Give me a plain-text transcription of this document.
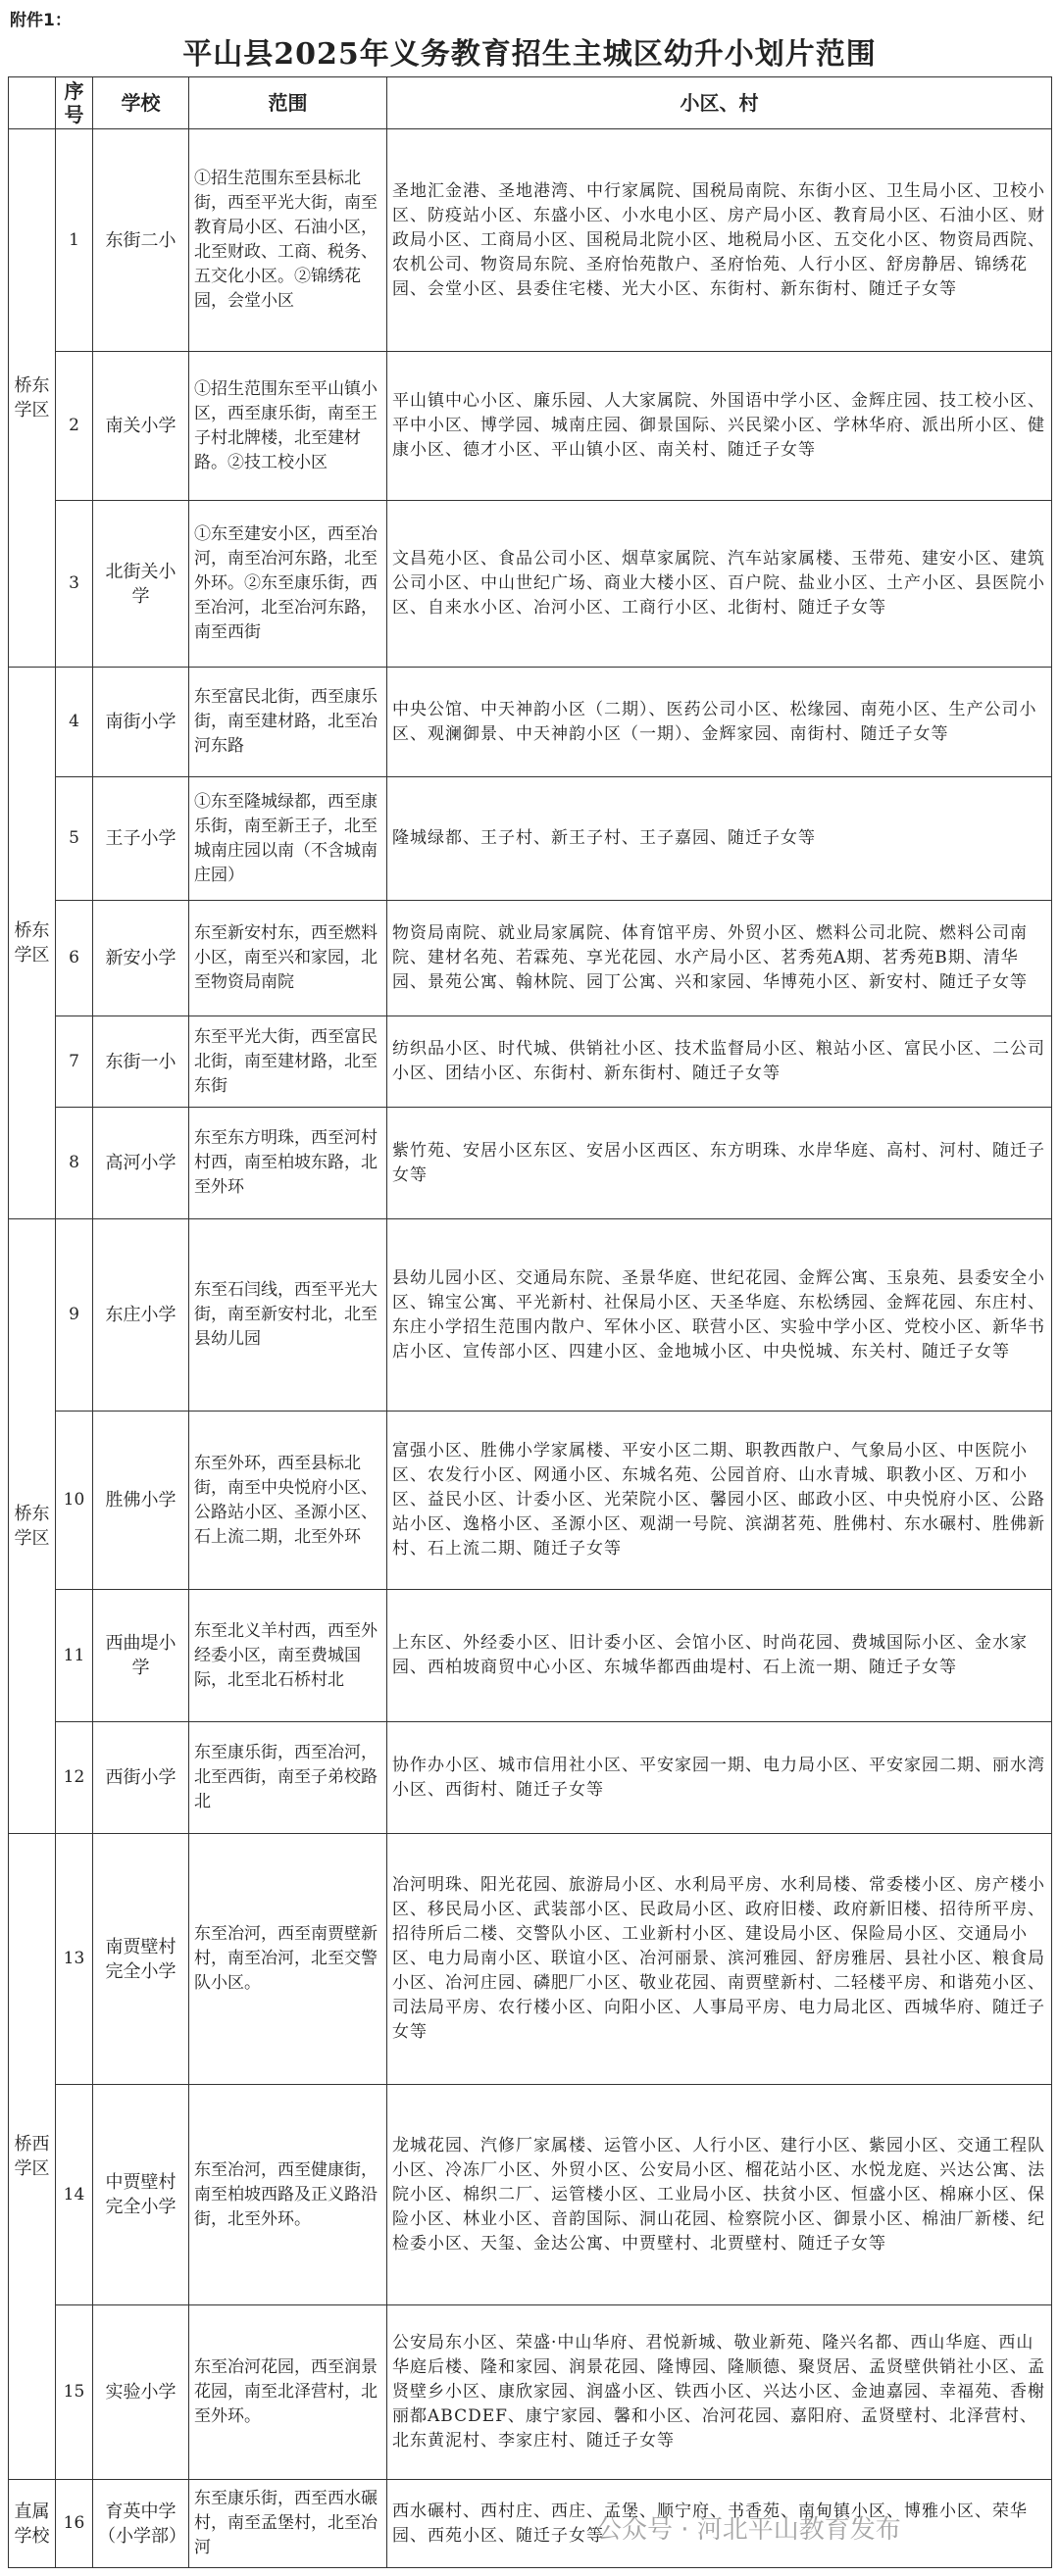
附件1：
平山县2025年义务教育招生主城区幼升小划片范围
	序号	学校	范围	小区、村
桥东学区	1	东街二小	①招生范围东至县标北街，西至平光大街，南至教育局小区、石油小区，北至财政、工商、税务、五交化小区。②锦绣花园，会堂小区	圣地汇金港、圣地港湾、中行家属院、国税局南院、东街小区、卫生局小区、卫校小区、防疫站小区、东盛小区、小水电小区、房产局小区、教育局小区、石油小区、财政局小区、工商局小区、国税局北院小区、地税局小区、五交化小区、物资局西院、农机公司、物资局东院、圣府怡苑散户、圣府怡苑、人行小区、舒房静居、锦绣花园、会堂小区、县委住宅楼、光大小区、东街村、新东街村、随迁子女等
	2	南关小学	①招生范围东至平山镇小区，西至康乐街，南至王子村北牌楼，北至建材路。②技工校小区	平山镇中心小区、廉乐园、人大家属院、外国语中学小区、金辉庄园、技工校小区、平中小区、博学园、城南庄园、御景国际、兴民梁小区、学林华府、派出所小区、健康小区、德才小区、平山镇小区、南关村、随迁子女等
	3	北街关小学	①东至建安小区，西至冶河，南至冶河东路，北至外环。②东至康乐街，西至冶河，北至冶河东路，南至西街	文昌苑小区、食品公司小区、烟草家属院、汽车站家属楼、玉带苑、建安小区、建筑公司小区、中山世纪广场、商业大楼小区、百户院、盐业小区、土产小区、县医院小区、自来水小区、冶河小区、工商行小区、北街村、随迁子女等
桥东学区	4	南街小学	东至富民北街，西至康乐街，南至建材路，北至冶河东路	中央公馆、中天神韵小区（二期）、医药公司小区、松缘园、南苑小区、生产公司小区、观澜御景、中天神韵小区（一期）、金辉家园、南街村、随迁子女等
	5	王子小学	①东至隆城绿都，西至康乐街，南至新王子，北至城南庄园以南（不含城南庄园）	隆城绿都、王子村、新王子村、王子嘉园、随迁子女等
	6	新安小学	东至新安村东，西至燃料小区，南至兴和家园，北至物资局南院	物资局南院、就业局家属院、体育馆平房、外贸小区、燃料公司北院、燃料公司南院、建材名苑、若霖苑、享光花园、水产局小区、茗秀苑A期、茗秀苑B期、清华园、景苑公寓、翰林院、园丁公寓、兴和家园、华博苑小区、新安村、随迁子女等
	7	东街一小	东至平光大街，西至富民北街，南至建材路，北至东街	纺织品小区、时代城、供销社小区、技术监督局小区、粮站小区、富民小区、二公司小区、团结小区、东街村、新东街村、随迁子女等
	8	高河小学	东至东方明珠，西至河村村西，南至柏坡东路，北至外环	紫竹苑、安居小区东区、安居小区西区、东方明珠、水岸华庭、高村、河村、随迁子女等
桥东学区	9	东庄小学	东至石闫线，西至平光大街，南至新安村北，北至县幼儿园	县幼儿园小区、交通局东院、圣景华庭、世纪花园、金辉公寓、玉泉苑、县委安全小区、锦宝公寓、平光新村、社保局小区、天圣华庭、东松绣园、金辉花园、东庄村、东庄小学招生范围内散户、军休小区、联营小区、实验中学小区、党校小区、新华书店小区、宣传部小区、四建小区、金地城小区、中央悦城、东关村、随迁子女等
	10	胜佛小学	东至外环，西至县标北街，南至中央悦府小区、公路站小区、圣源小区、石上流二期，北至外环	富强小区、胜佛小学家属楼、平安小区二期、职教西散户、气象局小区、中医院小区、农发行小区、网通小区、东城名苑、公园首府、山水青城、职教小区、万和小区、益民小区、计委小区、光荣院小区、馨园小区、邮政小区、中央悦府小区、公路站小区、逸格小区、圣源小区、观湖一号院、滨湖茗苑、胜佛村、东水碾村、胜佛新村、石上流二期、随迁子女等
	11	西曲堤小学	东至北义羊村西，西至外经委小区，南至费城国际，北至北石桥村北	上东区、外经委小区、旧计委小区、会馆小区、时尚花园、费城国际小区、金水家园、西柏坡商贸中心小区、东城华都西曲堤村、石上流一期、随迁子女等
	12	西街小学	东至康乐街，西至冶河，北至西街，南至子弟校路北	协作办小区、城市信用社小区、平安家园一期、电力局小区、平安家园二期、丽水湾小区、西街村、随迁子女等
桥西学区	13	南贾壁村完全小学	东至冶河，西至南贾壁新村，南至冶河，北至交警队小区。	冶河明珠、阳光花园、旅游局小区、水利局平房、水利局楼、常委楼小区、房产楼小区、移民局小区、武装部小区、民政局小区、政府旧楼、政府新旧楼、招待所平房、招待所后二楼、交警队小区、工业新村小区、建设局小区、保险局小区、交通局小区、电力局南小区、联谊小区、冶河丽景、滨河雅园、舒房雅居、县社小区、粮食局小区、冶河庄园、磷肥厂小区、敬业花园、南贾壁新村、二轻楼平房、和谐苑小区、司法局平房、农行楼小区、向阳小区、人事局平房、电力局北区、西城华府、随迁子女等
	14	中贾壁村完全小学	东至冶河，西至健康街，南至柏坡西路及正义路沿街，北至外环。	龙城花园、汽修厂家属楼、运管小区、人行小区、建行小区、紫园小区、交通工程队小区、冷冻厂小区、外贸小区、公安局小区、榴花站小区、水悦龙庭、兴达公寓、法院小区、棉织二厂、运管楼小区、工业局小区、扶贫小区、恒盛小区、棉麻小区、保险小区、林业小区、音韵国际、洞山花园、检察院小区、御景小区、棉油厂新楼、纪检委小区、天玺、金达公寓、中贾壁村、北贾壁村、随迁子女等
	15	实验小学	东至冶河花园，西至润景花园，南至北泽营村，北至外环。	公安局东小区、荣盛·中山华府、君悦新城、敬业新苑、隆兴名都、西山华庭、西山华庭后楼、隆和家园、润景花园、隆博园、隆顺德、聚贤居、孟贤壁供销社小区、孟贤壁乡小区、康欣家园、润盛小区、铁西小区、兴达小区、金迪嘉园、幸福苑、香榭丽都ABCDEF、康宁家园、馨和小区、冶河花园、嘉阳府、孟贤壁村、北泽营村、北东黄泥村、李家庄村、随迁子女等
直属学校	16	育英中学（小学部）	东至康乐街，西至西水碾村，南至孟堡村，北至冶河	西水碾村、西村庄、西庄、孟堡、顺宁府、书香苑、南甸镇小区、博雅小区、荣华园、西苑小区、随迁子女等
公众号 · 河北平山教育发布
